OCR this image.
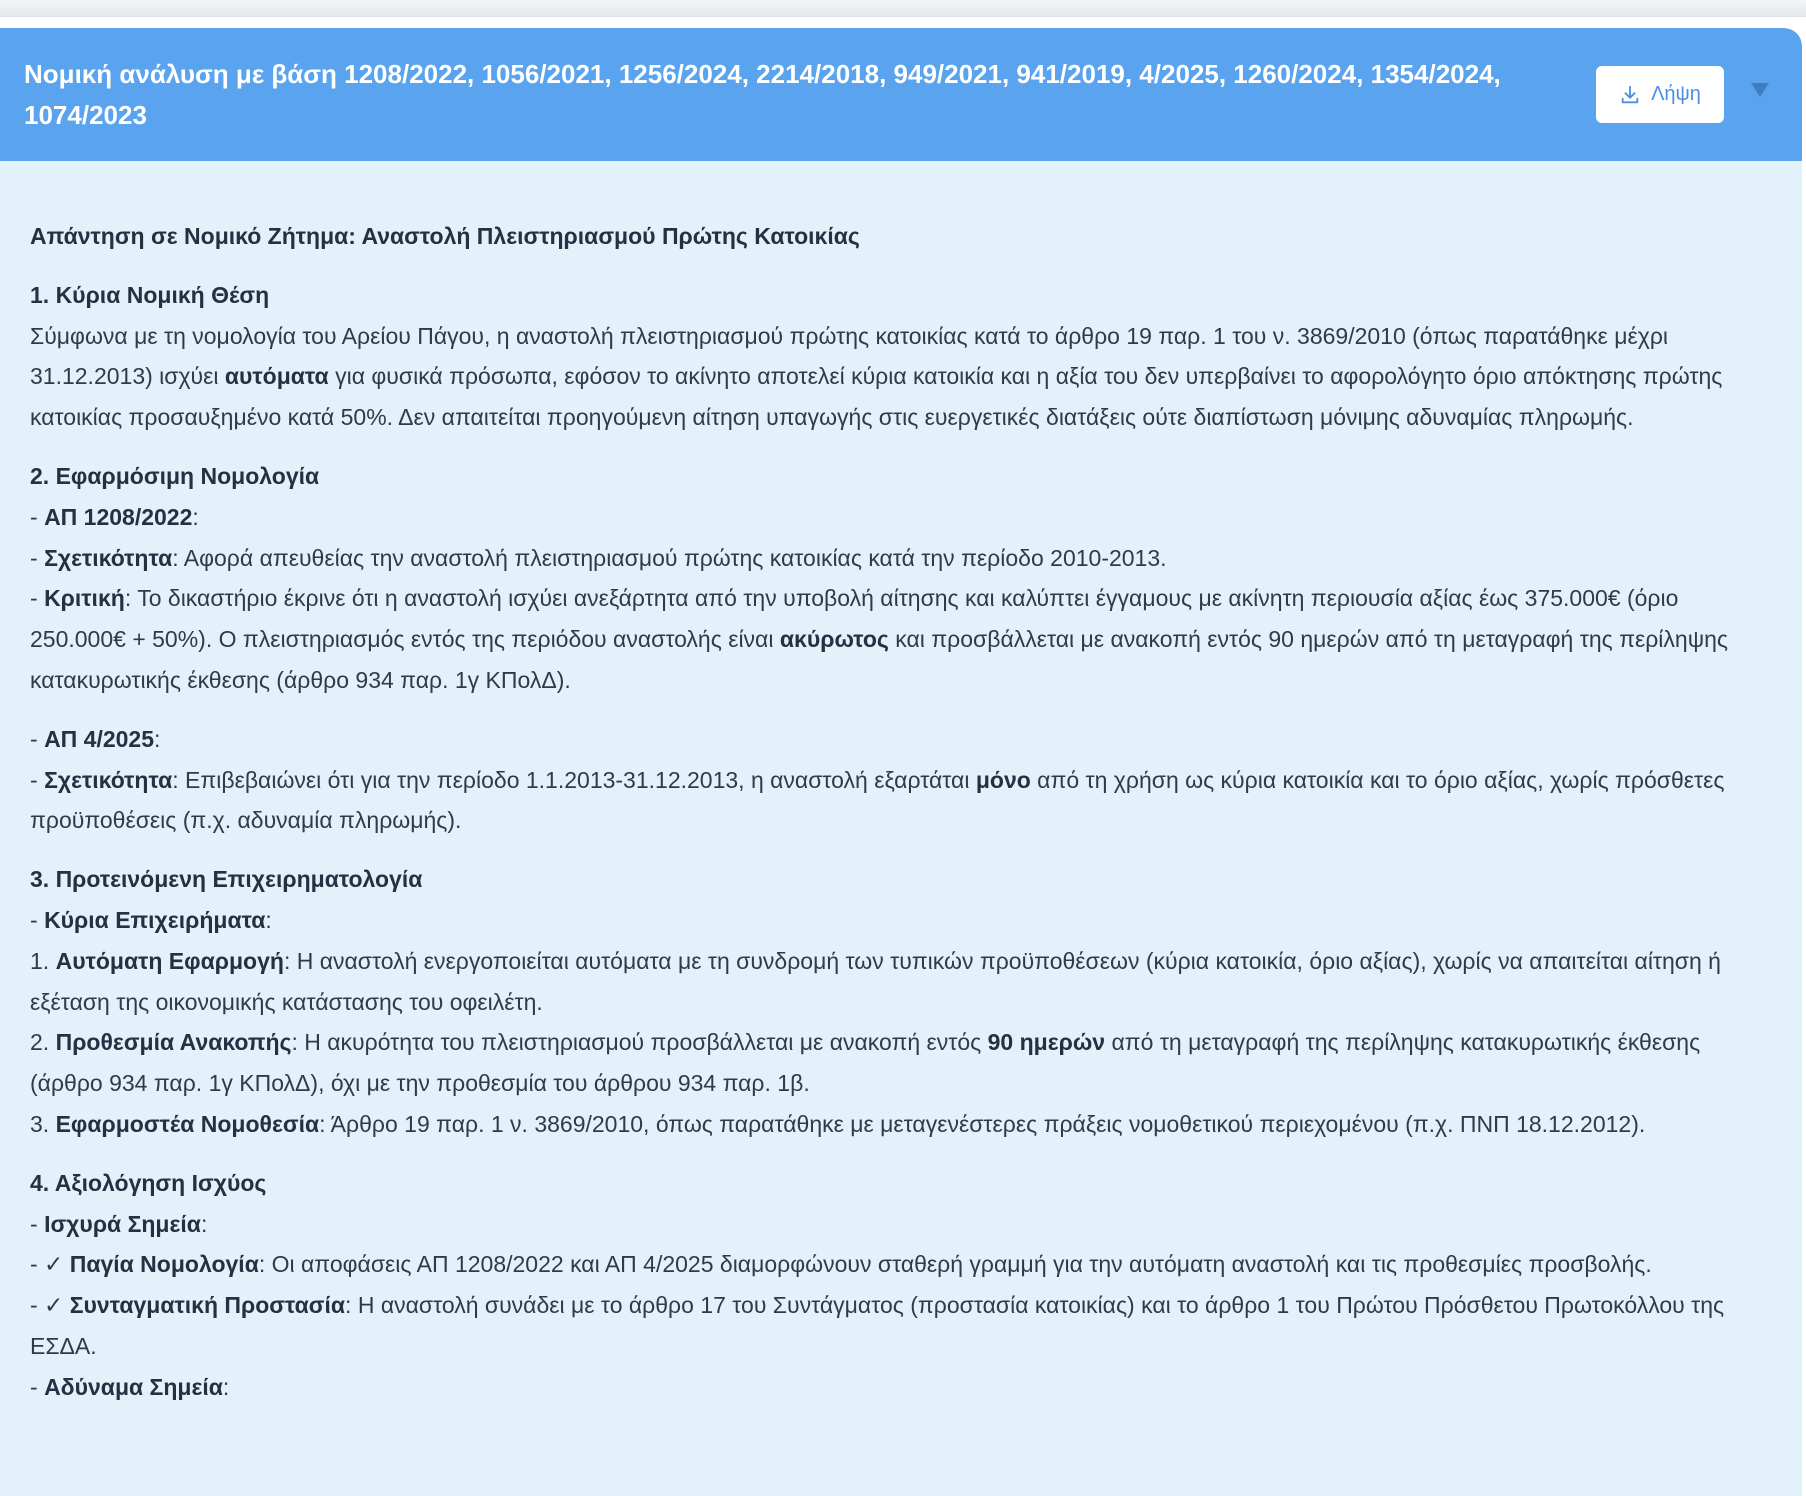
Νομική ανάλυση με βάση 1208/2022, 1056/2021, 1256/2024, 2214/2018, 949/2021, 941/2019, 4/2025, 1260/2024, 1354/2024, 1074/2023
Λήψη

Απάντηση σε Νομικό Ζήτημα: Αναστολή Πλειστηριασμού Πρώτης Κατοικίας

1. Κύρια Νομική Θέση

Σύμφωνα με τη νομολογία του Αρείου Πάγου, η αναστολή πλειστηριασμού πρώτης κατοικίας κατά το άρθρο 19 παρ. 1 του ν. 3869/2010 (όπως παρατάθηκε μέχρι 31.12.2013) ισχύει αυτόματα για φυσικά πρόσωπα, εφόσον το ακίνητο αποτελεί κύρια κατοικία και η αξία του δεν υπερβαίνει το αφορολόγητο όριο απόκτησης πρώτης κατοικίας προσαυξημένο κατά 50%. Δεν απαιτείται προηγούμενη αίτηση υπαγωγής στις ευεργετικές διατάξεις ούτε διαπίστωση μόνιμης αδυναμίας πληρωμής.

2. Εφαρμόσιμη Νομολογία

- ΑΠ 1208/2022:

- Σχετικότητα: Αφορά απευθείας την αναστολή πλειστηριασμού πρώτης κατοικίας κατά την περίοδο 2010-2013.

- Κριτική: Το δικαστήριο έκρινε ότι η αναστολή ισχύει ανεξάρτητα από την υποβολή αίτησης και καλύπτει έγγαμους με ακίνητη περιουσία αξίας έως 375.000€ (όριο 250.000€ + 50%). Ο πλειστηριασμός εντός της περιόδου αναστολής είναι ακύρωτος και προσβάλλεται με ανακοπή εντός 90 ημερών από τη μεταγραφή της περίληψης κατακυρωτικής έκθεσης (άρθρο 934 παρ. 1γ ΚΠολΔ).

- ΑΠ 4/2025:

- Σχετικότητα: Επιβεβαιώνει ότι για την περίοδο 1.1.2013-31.12.2013, η αναστολή εξαρτάται μόνο από τη χρήση ως κύρια κατοικία και το όριο αξίας, χωρίς πρόσθετες προϋποθέσεις (π.χ. αδυναμία πληρωμής).

3. Προτεινόμενη Επιχειρηματολογία

- Κύρια Επιχειρήματα:

1. Αυτόματη Εφαρμογή: Η αναστολή ενεργοποιείται αυτόματα με τη συνδρομή των τυπικών προϋποθέσεων (κύρια κατοικία, όριο αξίας), χωρίς να απαιτείται αίτηση ή εξέταση της οικονομικής κατάστασης του οφειλέτη.

2. Προθεσμία Ανακοπής: Η ακυρότητα του πλειστηριασμού προσβάλλεται με ανακοπή εντός 90 ημερών από τη μεταγραφή της περίληψης κατακυρωτικής έκθεσης (άρθρο 934 παρ. 1γ ΚΠολΔ), όχι με την προθεσμία του άρθρου 934 παρ. 1β.

3. Εφαρμοστέα Νομοθεσία: Άρθρο 19 παρ. 1 ν. 3869/2010, όπως παρατάθηκε με μεταγενέστερες πράξεις νομοθετικού περιεχομένου (π.χ. ΠΝΠ 18.12.2012).

4. Αξιολόγηση Ισχύος

- Ισχυρά Σημεία:

- ✓ Παγία Νομολογία: Οι αποφάσεις ΑΠ 1208/2022 και ΑΠ 4/2025 διαμορφώνουν σταθερή γραμμή για την αυτόματη αναστολή και τις προθεσμίες προσβολής.

- ✓ Συνταγματική Προστασία: Η αναστολή συνάδει με το άρθρο 17 του Συντάγματος (προστασία κατοικίας) και το άρθρο 1 του Πρώτου Πρόσθετου Πρωτοκόλλου της ΕΣΔΑ.

- Αδύναμα Σημεία:
